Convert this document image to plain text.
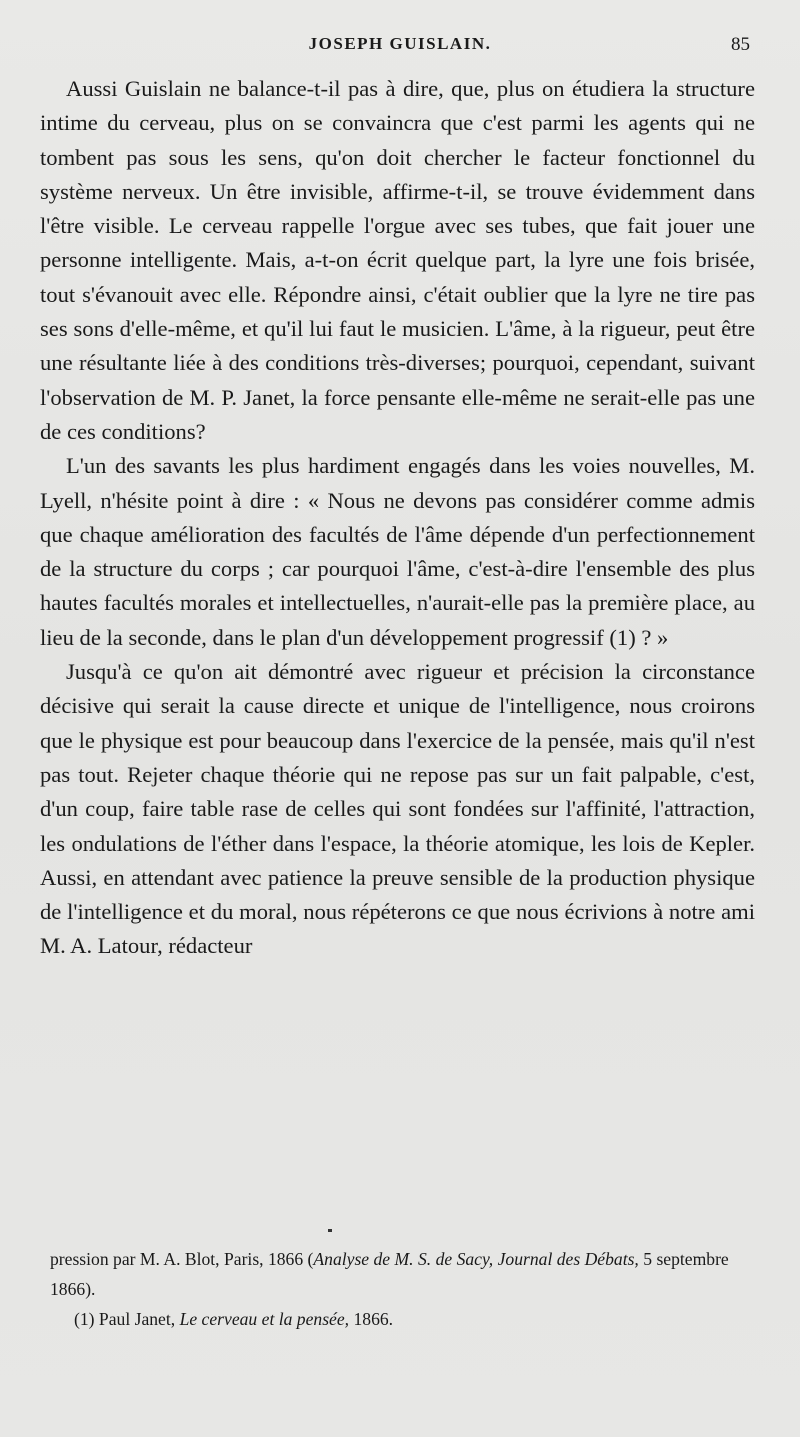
JOSEPH GUISLAIN.	85

Aussi Guislain ne balance-t-il pas à dire, que, plus on étudiera la structure intime du cerveau, plus on se convaincra que c'est parmi les agents qui ne tombent pas sous les sens, qu'on doit chercher le facteur fonctionnel du système nerveux. Un être invisible, affirme-t-il, se trouve évidemment dans l'être visible. Le cerveau rappelle l'orgue avec ses tubes, que fait jouer une personne intelligente. Mais, a-t-on écrit quelque part, la lyre une fois brisée, tout s'évanouit avec elle. Répondre ainsi, c'était oublier que la lyre ne tire pas ses sons d'elle-même, et qu'il lui faut le musicien. L'âme, à la rigueur, peut être une résultante liée à des conditions très-diverses; pourquoi, cependant, suivant l'observation de M. P. Janet, la force pensante elle-même ne serait-elle pas une de ces conditions?

L'un des savants les plus hardiment engagés dans les voies nouvelles, M. Lyell, n'hésite point à dire : « Nous ne devons pas considérer comme admis que chaque amélioration des facultés de l'âme dépende d'un perfectionnement de la structure du corps ; car pourquoi l'âme, c'est-à-dire l'ensemble des plus hautes facultés morales et intellectuelles, n'aurait-elle pas la première place, au lieu de la seconde, dans le plan d'un développement progressif (1) ? »

Jusqu'à ce qu'on ait démontré avec rigueur et précision la circonstance décisive qui serait la cause directe et unique de l'intelligence, nous croirons que le physique est pour beaucoup dans l'exercice de la pensée, mais qu'il n'est pas tout. Rejeter chaque théorie qui ne repose pas sur un fait palpable, c'est, d'un coup, faire table rase de celles qui sont fondées sur l'affinité, l'attraction, les ondulations de l'éther dans l'espace, la théorie atomique, les lois de Kepler. Aussi, en attendant avec patience la preuve sensible de la production physique de l'intelligence et du moral, nous répéterons ce que nous écrivions à notre ami M. A. Latour, rédacteur

pression par M. A. Blot, Paris, 1866 (Analyse de M. S. de Sacy, Journal des Débats, 5 septembre 1866).

(1) Paul Janet, Le cerveau et la pensée, 1866.
